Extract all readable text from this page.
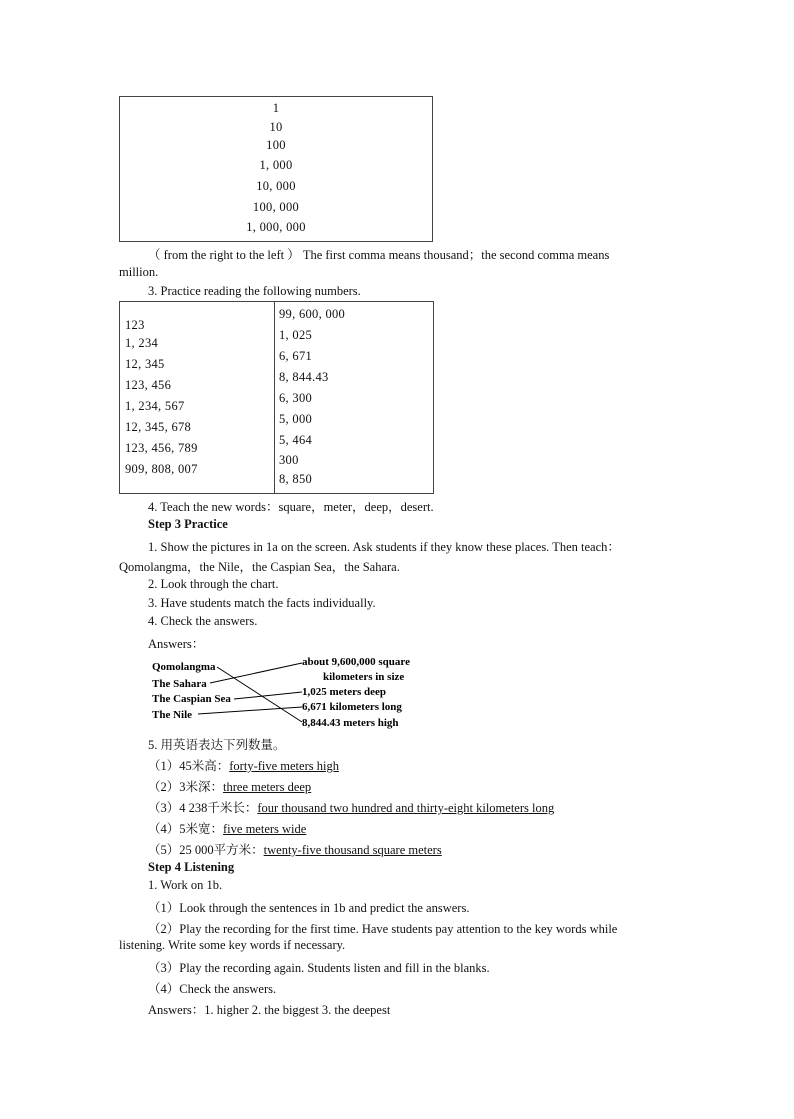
1
10
100
1, 000
10, 000
100, 000
1, 000, 000
（ from the right to the left ） The first comma means thousand；the second comma means
million.
3. Practice reading the following numbers.
123
1, 234
12, 345
123, 456
1, 234, 567
12, 345, 678
123, 456, 789
909, 808, 007
99, 600, 000
1, 025
6, 671
8, 844.43
6, 300
5, 000
5, 464
300
8, 850
4. Teach the new words：square，meter，deep，desert.
Step 3 Practice
1. Show the pictures in 1a on the screen. Ask students if they know these places. Then teach：
Qomolangma，the Nile，the Caspian Sea，the Sahara.
2. Look through the chart.
3. Have students match the facts individually.
4. Check the answers.
Answers：
Qomolangma
The Sahara
The Caspian Sea
The Nile
about 9,600,000 square
kilometers in size
1,025 meters deep
6,671 kilometers long
8,844.43 meters high
5. 用英语表达下列数量。
（1）45米高：forty-five meters high
（2）3米深：three meters deep
（3）4 238千米长：four thousand two hundred and thirty-eight kilometers long
（4）5米宽：five meters wide
（5）25 000平方米：twenty-five thousand square meters
Step 4 Listening
1. Work on 1b.
（1）Look through the sentences in 1b and predict the answers.
（2）Play the recording for the first time. Have students pay attention to the key words while
listening. Write some key words if necessary.
（3）Play the recording again. Students listen and fill in the blanks.
（4）Check the answers.
Answers：1. higher 2. the biggest 3. the deepest
